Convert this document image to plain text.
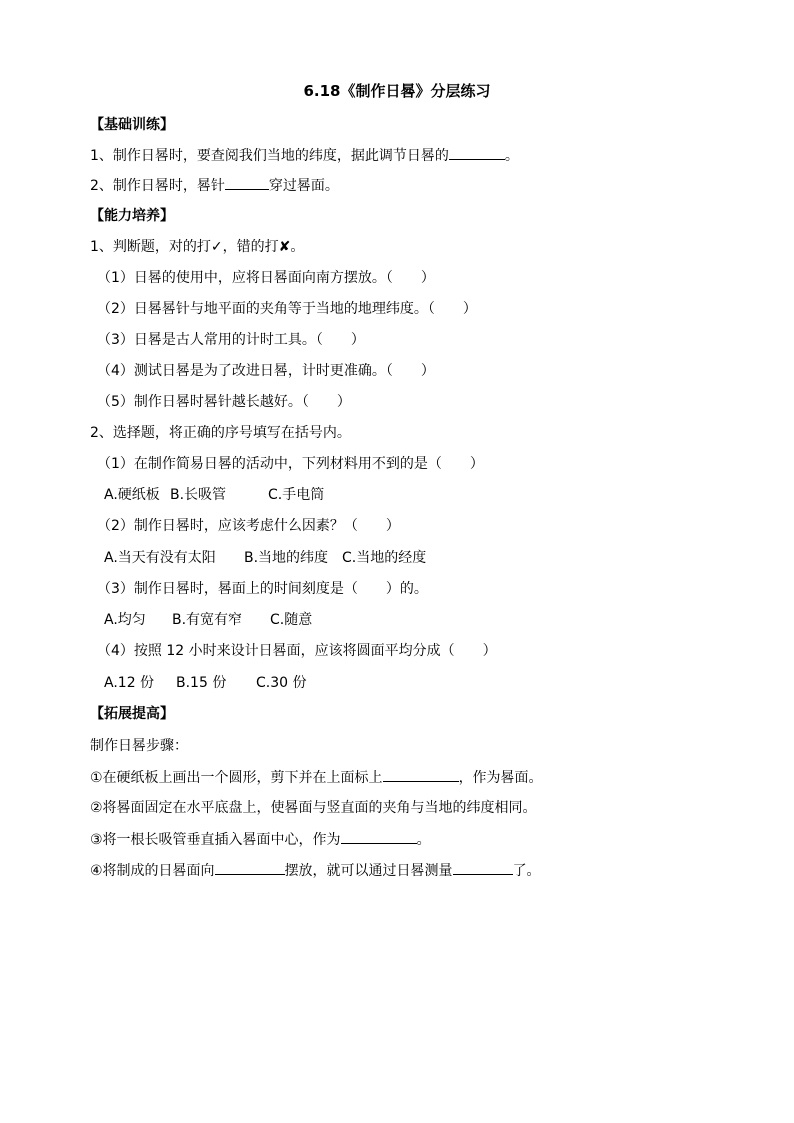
6.18《制作日晷》分层练习
【基础训练】
1、制作日晷时，要查阅我们当地的纬度，据此调节日晷的	。
2、制作日晷时，晷针	穿过晷面。
【能力培养】
1、判断题，对的打✓，错的打✘。
（1）日晷的使用中，应将日晷面向南方摆放。（　　）
（2）日晷晷针与地平面的夹角等于当地的地理纬度。（　　）
（3）日晷是古人常用的计时工具。（　　）
（4）测试日晷是为了改进日晷，计时更准确。（　　）
（5）制作日晷时晷针越长越好。（　　）
2、选择题，将正确的序号填写在括号内。
（1）在制作简易日晷的活动中，下列材料用不到的是（　　）
A.硬纸板 B.长吸管	C.手电筒
（2）制作日晷时，应该考虑什么因素？（　　）
A.当天有没有太阳 B.当地的纬度 C.当地的经度
（3）制作日晷时，晷面上的时间刻度是（　　）的。
A.均匀 B.有宽有窄 C.随意
（4）按照 12 小时来设计日晷面，应该将圆面平均分成（　　）
A.12 份 B.15 份 C.30 份
【拓展提高】
制作日晷步骤：
①在硬纸板上画出一个圆形，剪下并在上面标上	，作为晷面。
②将晷面固定在水平底盘上，使晷面与竖直面的夹角与当地的纬度相同。
③将一根长吸管垂直插入晷面中心，作为	。
④将制成的日晷面向	摆放，就可以通过日晷测量	了。
